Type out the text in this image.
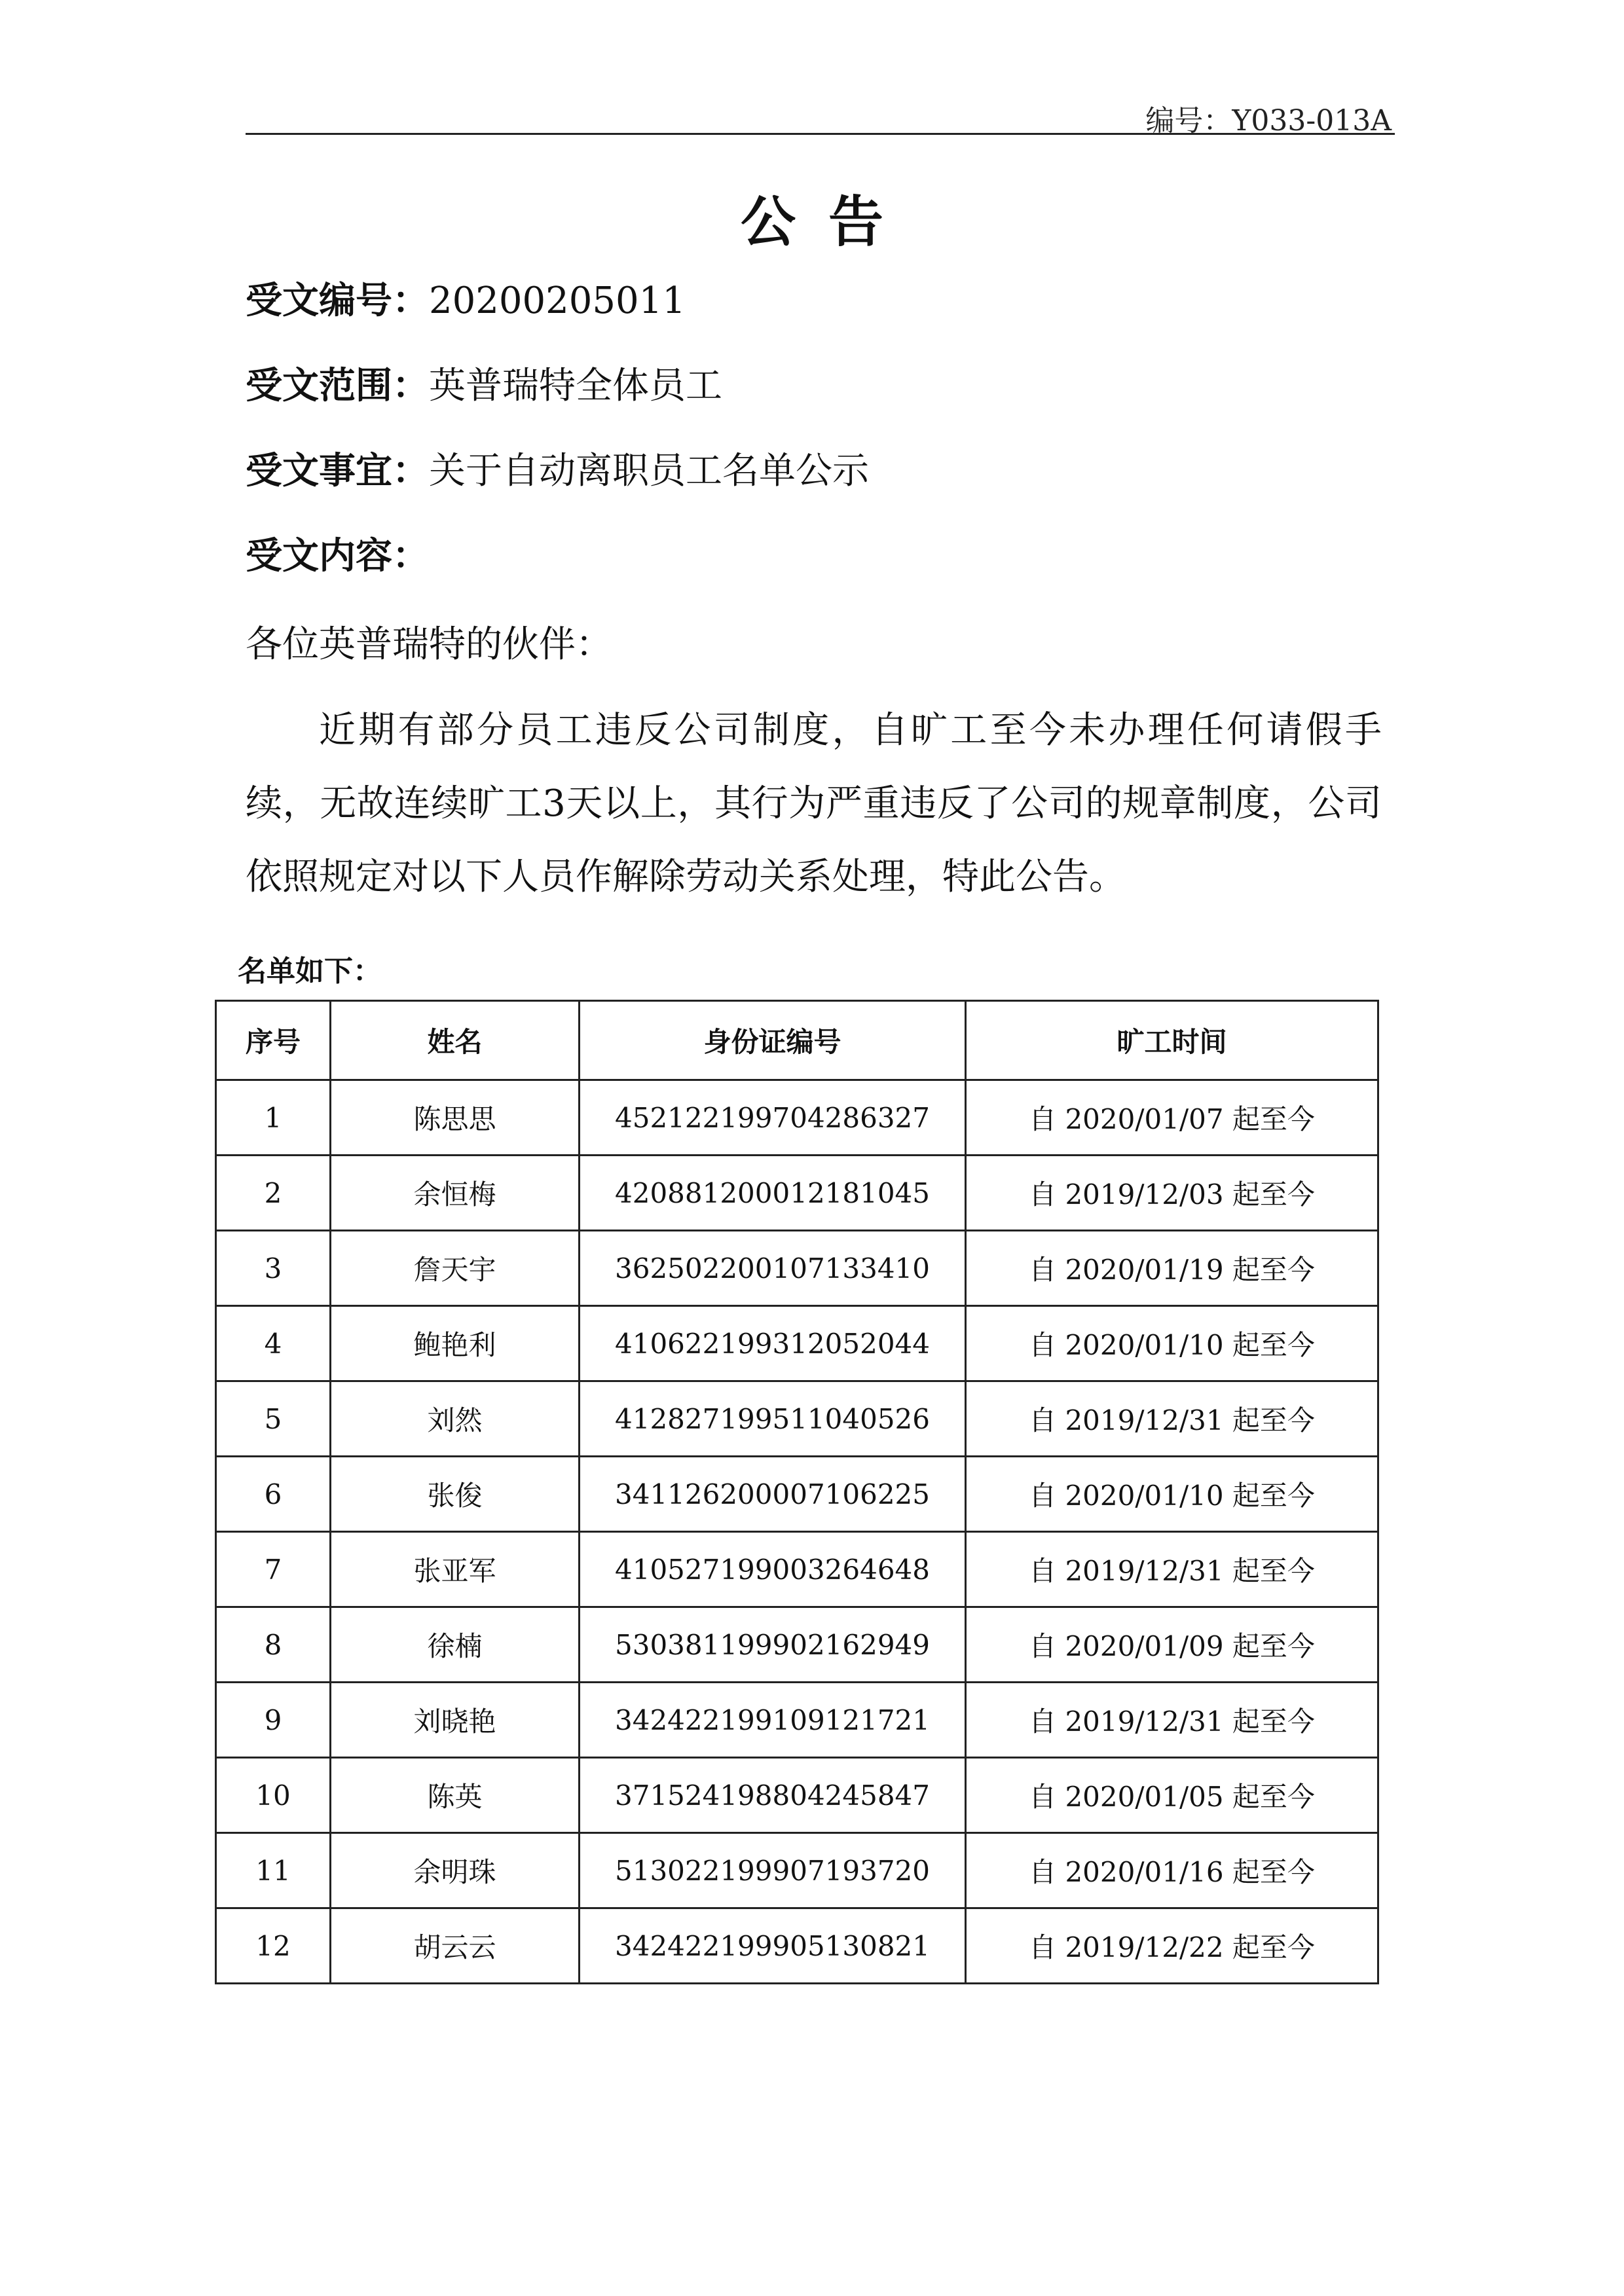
编号：Y033-013A
公告
受文编号：20200205011
受文范围：英普瑞特全体员工
受文事宜：关于自动离职员工名单公示
受文内容：
各位英普瑞特的伙伴：
近期有部分员工违反公司制度，自旷工至今未办理任何请假手续，无故连续旷工3天以上，其行为严重违反了公司的规章制度，公司依照规定对以下人员作解除劳动关系处理，特此公告。
名单如下：
序号	姓名	身份证编号	旷工时间
1	陈思思	452122199704286327	自 2020/01/07 起至今
2	余恒梅	420881200012181045	自 2019/12/03 起至今
3	詹天宇	362502200107133410	自 2020/01/19 起至今
4	鲍艳利	410622199312052044	自 2020/01/10 起至今
5	刘然	412827199511040526	自 2019/12/31 起至今
6	张俊	341126200007106225	自 2020/01/10 起至今
7	张亚军	410527199003264648	自 2019/12/31 起至今
8	徐楠	530381199902162949	自 2020/01/09 起至今
9	刘晓艳	342422199109121721	自 2019/12/31 起至今
10	陈英	371524198804245847	自 2020/01/05 起至今
11	余明珠	513022199907193720	自 2020/01/16 起至今
12	胡云云	342422199905130821	自 2019/12/22 起至今
